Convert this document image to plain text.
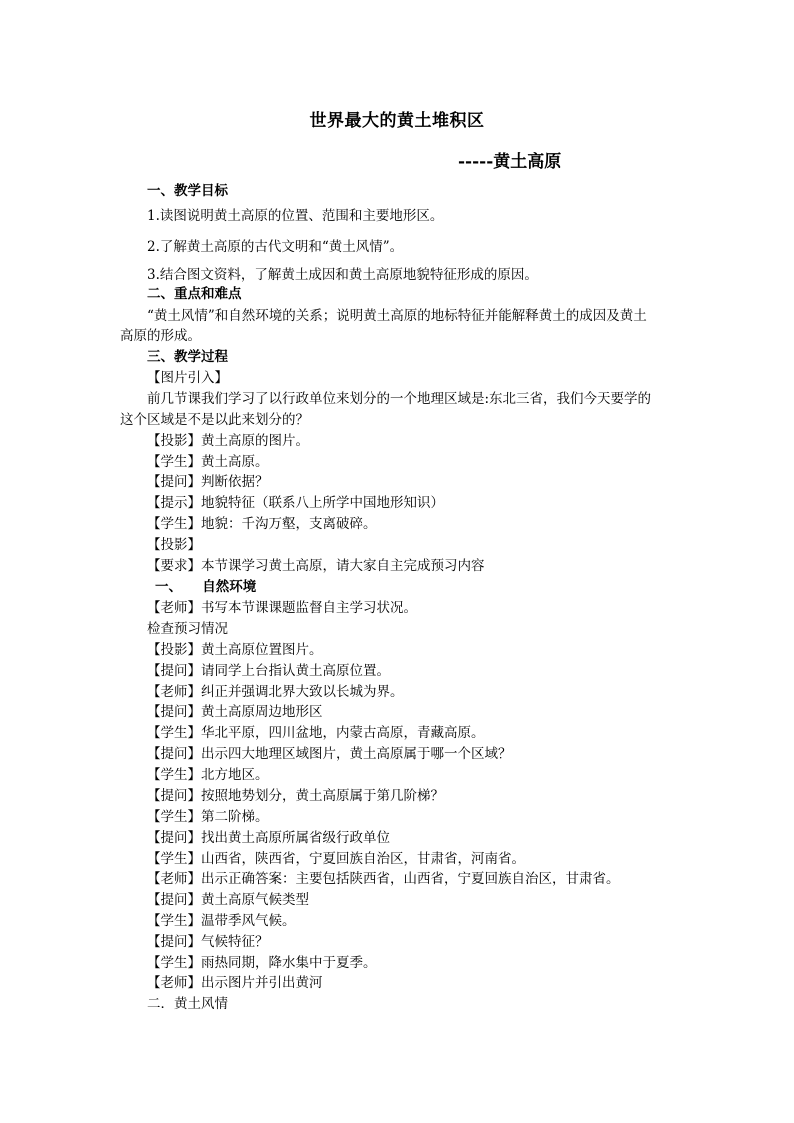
世界最大的黄土堆积区
-----黄土高原
一、教学目标
1.读图说明黄土高原的位置、范围和主要地形区。
2.了解黄土高原的古代文明和“黄土风情”。
3.结合图文资料，了解黄土成因和黄土高原地貌特征形成的原因。
二、重点和难点
“黄土风情”和自然环境的关系；说明黄土高原的地标特征并能解释黄土的成因及黄土
高原的形成。
三、教学过程
【图片引入】
前几节课我们学习了以行政单位来划分的一个地理区域是:东北三省，我们今天要学的
这个区域是不是以此来划分的？
【投影】黄土高原的图片。
【学生】黄土高原。
【提问】判断依据？
【提示】地貌特征（联系八上所学中国地形知识）
【学生】地貌：千沟万壑，支离破碎。
【投影】
【要求】本节课学习黄土高原，请大家自主完成预习内容
一、　　自然环境
【老师】书写本节课课题监督自主学习状况。
检查预习情况
【投影】黄土高原位置图片。
【提问】请同学上台指认黄土高原位置。
【老师】纠正并强调北界大致以长城为界。
【提问】黄土高原周边地形区
【学生】华北平原，四川盆地，内蒙古高原，青藏高原。
【提问】出示四大地理区域图片，黄土高原属于哪一个区域？
【学生】北方地区。
【提问】按照地势划分，黄土高原属于第几阶梯？
【学生】第二阶梯。
【提问】找出黄土高原所属省级行政单位
【学生】山西省，陕西省，宁夏回族自治区，甘肃省，河南省。
【老师】出示正确答案：主要包括陕西省，山西省，宁夏回族自治区，甘肃省。
【提问】黄土高原气候类型
【学生】温带季风气候。
【提问】气候特征？
【学生】雨热同期，降水集中于夏季。
【老师】出示图片并引出黄河
二．黄土风情
